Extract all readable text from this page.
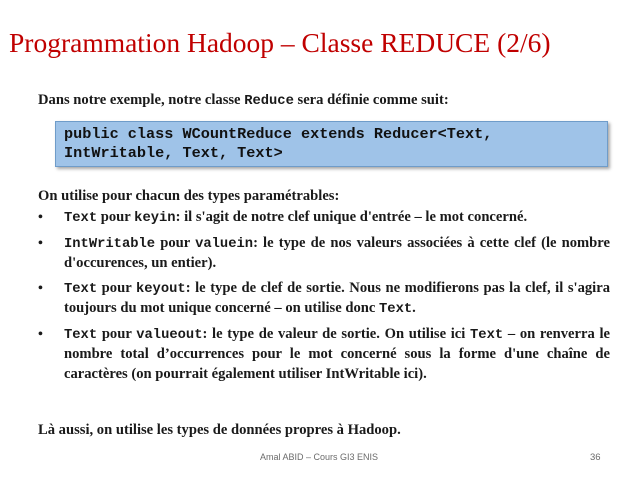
Programmation Hadoop – Classe REDUCE (2/6)

Dans notre exemple, notre classe Reduce sera définie comme suit:

public class WCountReduce extends Reducer<Text,
IntWritable, Text, Text>

On utilise pour chacun des types paramétrables:

• Text pour keyin: il s'agit de notre clef unique d'entrée – le mot concerné.
• IntWritable pour valuein: le type de nos valeurs associées à cette clef (le nombre d'occurences, un entier).
• Text pour keyout: le type de clef de sortie. Nous ne modifierons pas la clef, il s'agira toujours du mot unique concerné – on utilise donc Text.
• Text pour valueout: le type de valeur de sortie. On utilise ici Text – on renverra le nombre total d’occurrences pour le mot concerné sous la forme d'une chaîne de caractères (on pourrait également utiliser IntWritable ici).

Là aussi, on utilise les types de données propres à Hadoop.

Amal ABID – Cours GI3 ENIS	36
